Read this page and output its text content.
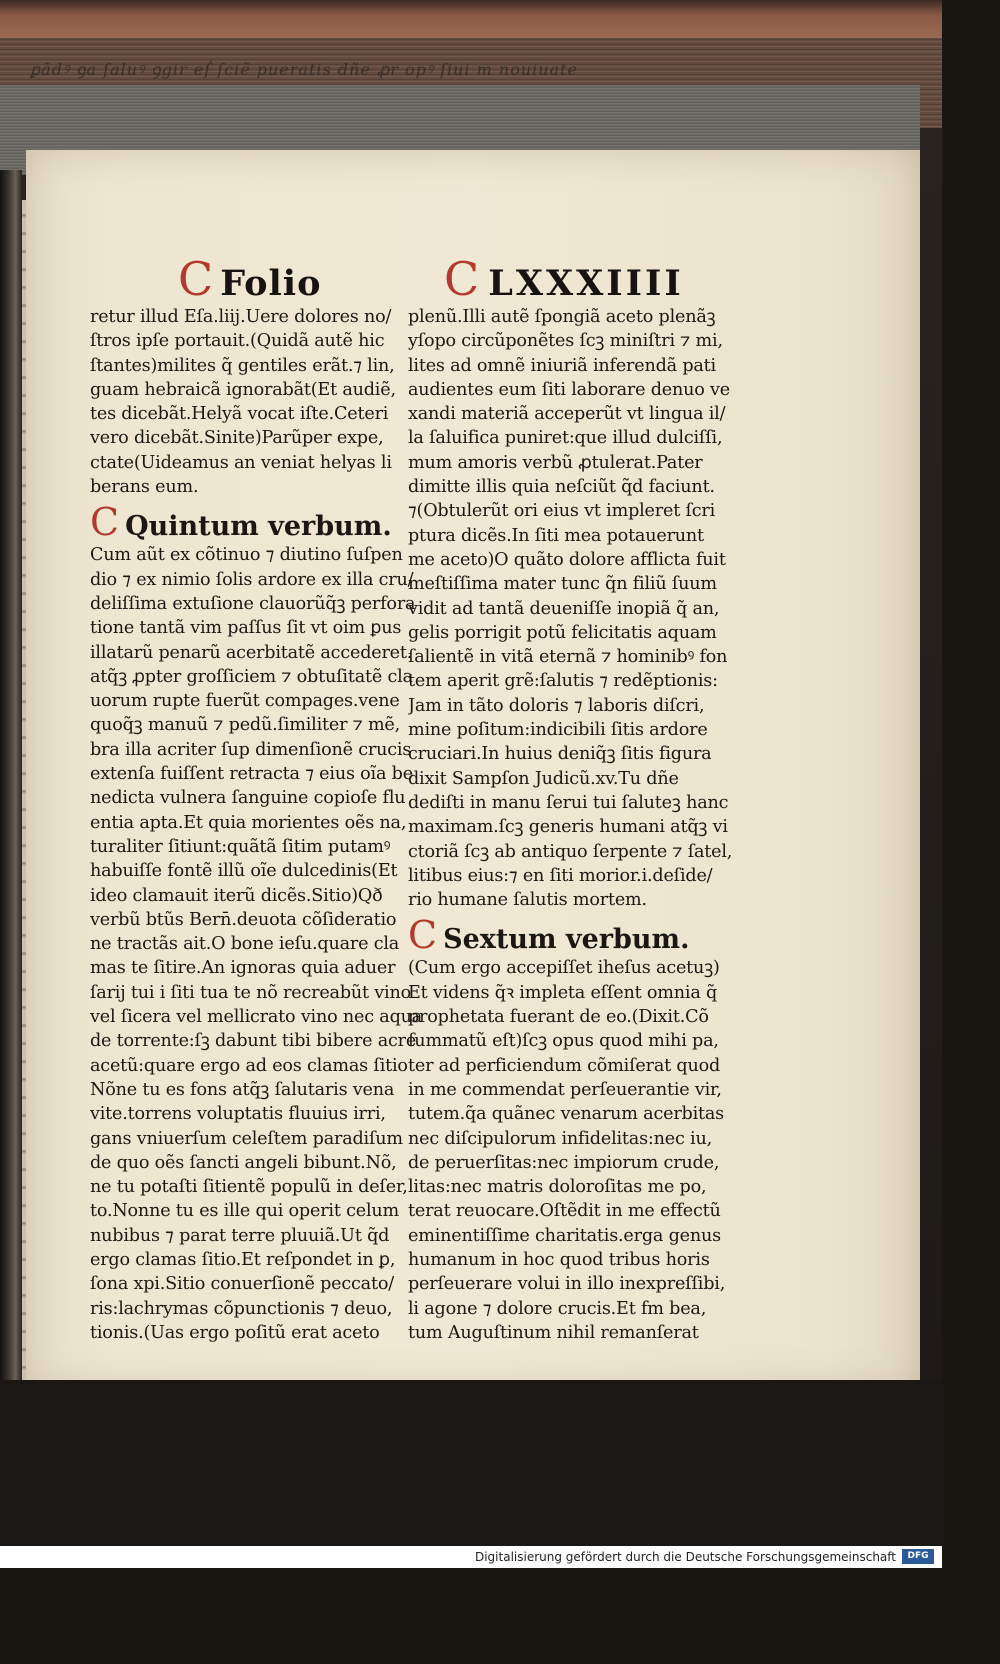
ꝑãdꝰ ꝯa ſaluꝰ ꝯgir eẛ ſciẽ pueratis dñe ꝓr opꝰ ſiui m nouiuate
C Folio	C LXXXIIII
retur illud Eſa.liij.Uere dolores no/
ſtros ipſe portauit.(Quidã autẽ hic
ſtantes)milites q̃ gentiles erãt.⁊ lin,
guam hebraicã ignorabãt(Et audiẽ,
tes dicebãt.Helyã vocat iſte.Ceteri
vero dicebãt.Sinite)Parũper expe,
ctate(Uideamus an veniat helyas li
berans eum.
C Quintum verbum.
Cum aũt ex cõtinuo ⁊ diutino ſuſpen
dio ⁊ ex nimio ſolis ardore ex illa cru/
deliſſima extuſione clauorũq̃ꝫ perfora
tione tantã vim paſſus ſit vt oim ꝑus
illatarũ penarũ acerbitatẽ accederet.
atq̃ꝫ ꝓpter groſſiciem ⁊ obtuſitatẽ cla
uorum rupte fuerũt compages.vene
quoq̃ꝫ manuũ ⁊ pedũ.ſimiliter ⁊ mẽ,
bra illa acriter ſup dimenſionẽ crucis
extenſa fuiſſent retracta ⁊ eius oĩa be
nedicta vulnera ſanguine copioſe flu
entia apta.Et quia morientes oẽs na,
turaliter ſitiunt:quãtã ſitim putamꝰ
habuiſſe fontẽ illũ oĩe dulcedinis(Et
ideo clamauit iterũ dicẽs.Sitio)Qð
verbũ btũs Bern̄.deuota cõſideratio
ne tractãs ait.O bone ieſu.quare cla
mas te ſitire.An ignoras quia aduer
ſarij tui i ſiti tua te nõ recreabũt vino
vel ſicera vel mellicrato vino nec aqua
de torrente:ſꝫ dabunt tibi bibere acre
acetũ:quare ergo ad eos clamas ſitio
Nõne tu es fons atq̃ꝫ ſalutaris vena
vite.torrens voluptatis fluuius irri,
gans vniuerſum celeſtem paradiſum
de quo oẽs ſancti angeli bibunt.Nõ,
ne tu potaſti ſitientẽ populũ in deſer,
to.Nonne tu es ille qui operit celum
nubibus ⁊ parat terre pluuiã.Ut q̃d
ergo clamas ſitio.Et reſpondet in ꝑ,
ſona xpi.Sitio conuerſionẽ peccato/
ris:lachrymas cõpunctionis ⁊ deuo,
tionis.(Uas ergo poſitũ erat aceto
plenũ.Illi autẽ ſpongiã aceto plenãꝫ
yſopo circũponẽtes ſcꝫ miniſtri ⁊ mi,
lites ad omnẽ iniuriã inferendã pati
audientes eum ſiti laborare denuo ve
xandi materiã acceperũt vt lingua il/
la ſaluifica puniret:que illud dulciſſi,
mum amoris verbũ ꝓtulerat.Pater
dimitte illis quia neſciũt q̃d faciunt.
⁊(Obtulerũt ori eius vt impleret ſcri
ptura dicẽs.In ſiti mea potauerunt
me aceto)O quãto dolore afflicta fuit
meſtiſſima mater tunc q̃n filiũ ſuum
vidit ad tantã deueniſſe inopiã q̃ an,
gelis porrigit potũ felicitatis aquam
ſalientẽ in vitã eternã ⁊ hominibꝰ fon
tem aperit grẽ:ſalutis ⁊ redẽptionis:
Jam in tãto doloris ⁊ laboris diſcri,
mine poſitum:indicibili ſitis ardore
cruciari.In huius deniq̃ꝫ ſitis figura
dixit Sampſon Judicũ.xv.Tu dñe
dediſti in manu ſerui tui ſaluteꝫ hanc
maximam.ſcꝫ generis humani atq̃ꝫ vi
ctoriã ſcꝫ ab antiquo ſerpente ⁊ ſatel,
litibus eius:⁊ en ſiti morior.i.deſide/
rio humane ſalutis mortem.
C Sextum verbum.
(Cum ergo accepiſſet iheſus acetuꝫ)
Et videns q̃ꝛ impleta eſſent omnia q̃
prophetata fuerant de eo.(Dixit.Cõ
ſummatũ eſt)ſcꝫ opus quod mihi pa,
ter ad perficiendum cõmiſerat quod
in me commendat perſeuerantie vir,
tutem.q̃a quãnec venarum acerbitas
nec diſcipulorum infidelitas:nec iu,
de peruerſitas:nec impiorum crude,
litas:nec matris doloroſitas me po,
terat reuocare.Oſtẽdit in me effectũ
eminentiſſime charitatis.erga genus
humanum in hoc quod tribus horis
perſeuerare volui in illo inexpreſſibi,
li agone ⁊ dolore crucis.Et fm bea,
tum Auguſtinum nihil remanſerat
Digitalisierung gefördert durch die Deutsche Forschungsgemeinschaft	DFG
